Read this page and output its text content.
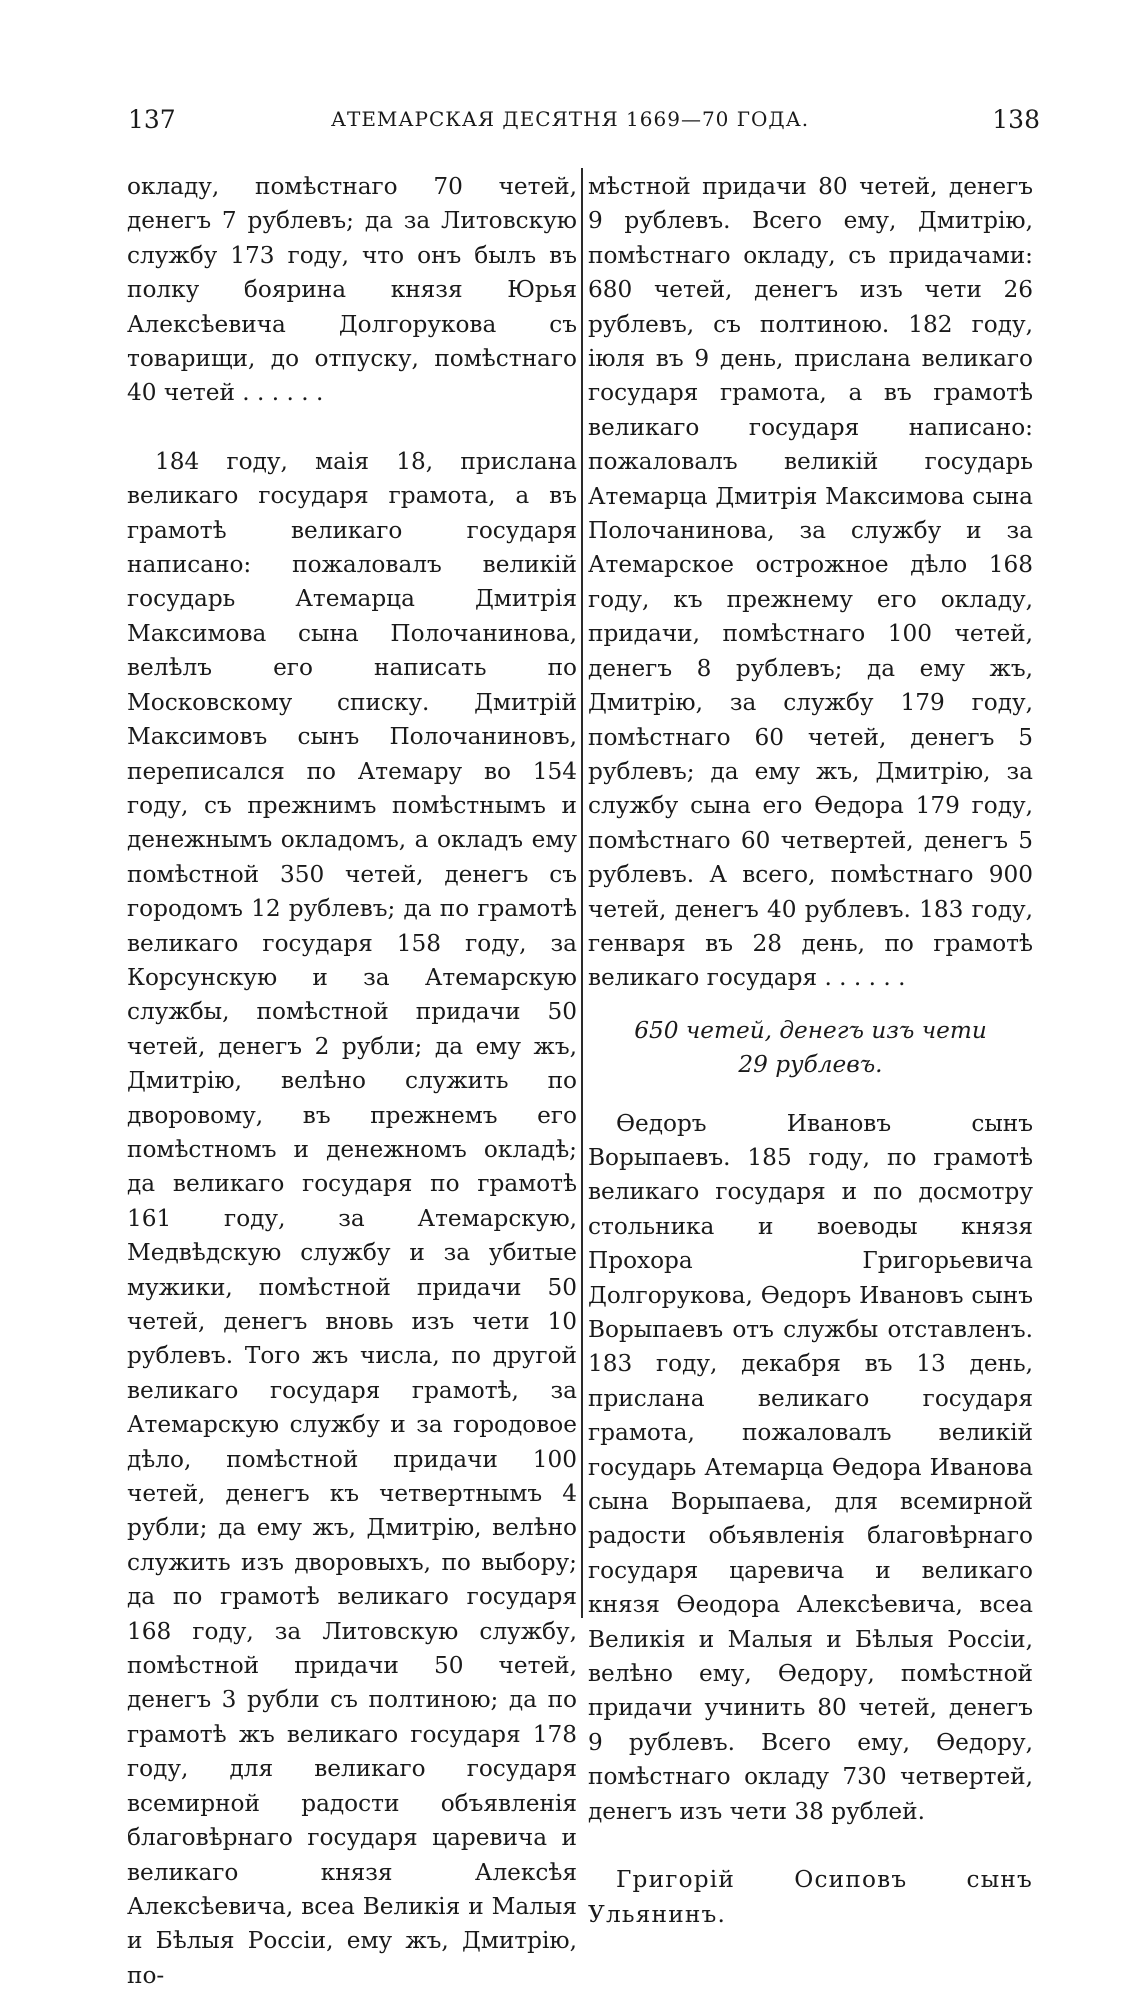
137	АТЕМАРСКАЯ ДЕСЯТНЯ 1669—70 ГОДА.	138

окладу, помѣстнаго 70 четей, денегъ 7 рублевъ; да за Литовскую службу 173 году, что онъ былъ въ полку боярина князя Юрья Алексѣевича Долгорукова съ товарищи, до отпуску, помѣстнаго 40 четей . . . . . .

184 году, маія 18, прислана великаго государя грамота, а въ грамотѣ великаго государя написано: пожаловалъ великій государь Атемарца Дмитрія Максимова сына Полочанинова, велѣлъ его написать по Московскому списку. Дмитрій Максимовъ сынъ Полочаниновъ, переписался по Атемару во 154 году, съ прежнимъ помѣстнымъ и денежнымъ окладомъ, а окладъ ему помѣстной 350 четей, денегъ съ городомъ 12 рублевъ; да по грамотѣ великаго государя 158 году, за Корсунскую и за Атемарскую службы, помѣстной придачи 50 четей, денегъ 2 рубли; да ему жъ, Дмитрію, велѣно служить по дворовому, въ прежнемъ его помѣстномъ и денежномъ окладѣ; да великаго государя по грамотѣ 161 году, за Атемарскую, Медвѣдскую службу и за убитые мужики, помѣстной придачи 50 четей, денегъ вновь изъ чети 10 рублевъ. Того жъ числа, по другой великаго государя грамотѣ, за Атемарскую службу и за городовое дѣло, помѣстной придачи 100 четей, денегъ къ четвертнымъ 4 рубли; да ему жъ, Дмитрію, велѣно служить изъ дворовыхъ, по выбору; да по грамотѣ великаго государя 168 году, за Литовскую службу, помѣстной придачи 50 четей, денегъ 3 рубли съ полтиною; да по грамотѣ жъ великаго государя 178 году, для великаго государя всемирной радости объявленія благовѣрнаго государя царевича и великаго князя Алексѣя Алексѣевича, всеа Великія и Малыя и Бѣлыя Россіи, ему жъ, Дмитрію, по-

мѣстной придачи 80 четей, денегъ 9 рублевъ. Всего ему, Дмитрію, помѣстнаго окладу, съ придачами: 680 четей, денегъ изъ чети 26 рублевъ, съ полтиною. 182 году, іюля въ 9 день, прислана великаго государя грамота, а въ грамотѣ великаго государя написано: пожаловалъ великій государь Атемарца Дмитрія Максимова сына Полочанинова, за службу и за Атемарское острожное дѣло 168 году, къ прежнему его окладу, придачи, помѣстнаго 100 четей, денегъ 8 рублевъ; да ему жъ, Дмитрію, за службу 179 году, помѣстнаго 60 четей, денегъ 5 рублевъ; да ему жъ, Дмитрію, за службу сына его Өедора 179 году, помѣстнаго 60 четвертей, денегъ 5 рублевъ. А всего, помѣстнаго 900 четей, денегъ 40 рублевъ. 183 году, генваря въ 28 день, по грамотѣ великаго государя . . . . . .

650 четей, денегъ изъ чети

29 рублевъ.

Өедоръ Ивановъ сынъ Ворыпаевъ. 185 году, по грамотѣ великаго государя и по досмотру стольника и воеводы князя Прохора Григорьевича Долгорукова, Өедоръ Ивановъ сынъ Ворыпаевъ отъ службы отставленъ. 183 году, декабря въ 13 день, прислана великаго государя грамота, пожаловалъ великій государь Атемарца Өедора Иванова сына Ворыпаева, для всемирной радости объявленія благовѣрнаго государя царевича и великаго князя Өеодора Алексѣевича, всеа Великія и Малыя и Бѣлыя Россіи, велѣно ему, Өедору, помѣстной придачи учинить 80 четей, денегъ 9 рублевъ. Всего ему, Өедору, помѣстнаго окладу 730 четвертей, денегъ изъ чети 38 рублей.

Григорій Осиповъ сынъ Ульянинъ.
